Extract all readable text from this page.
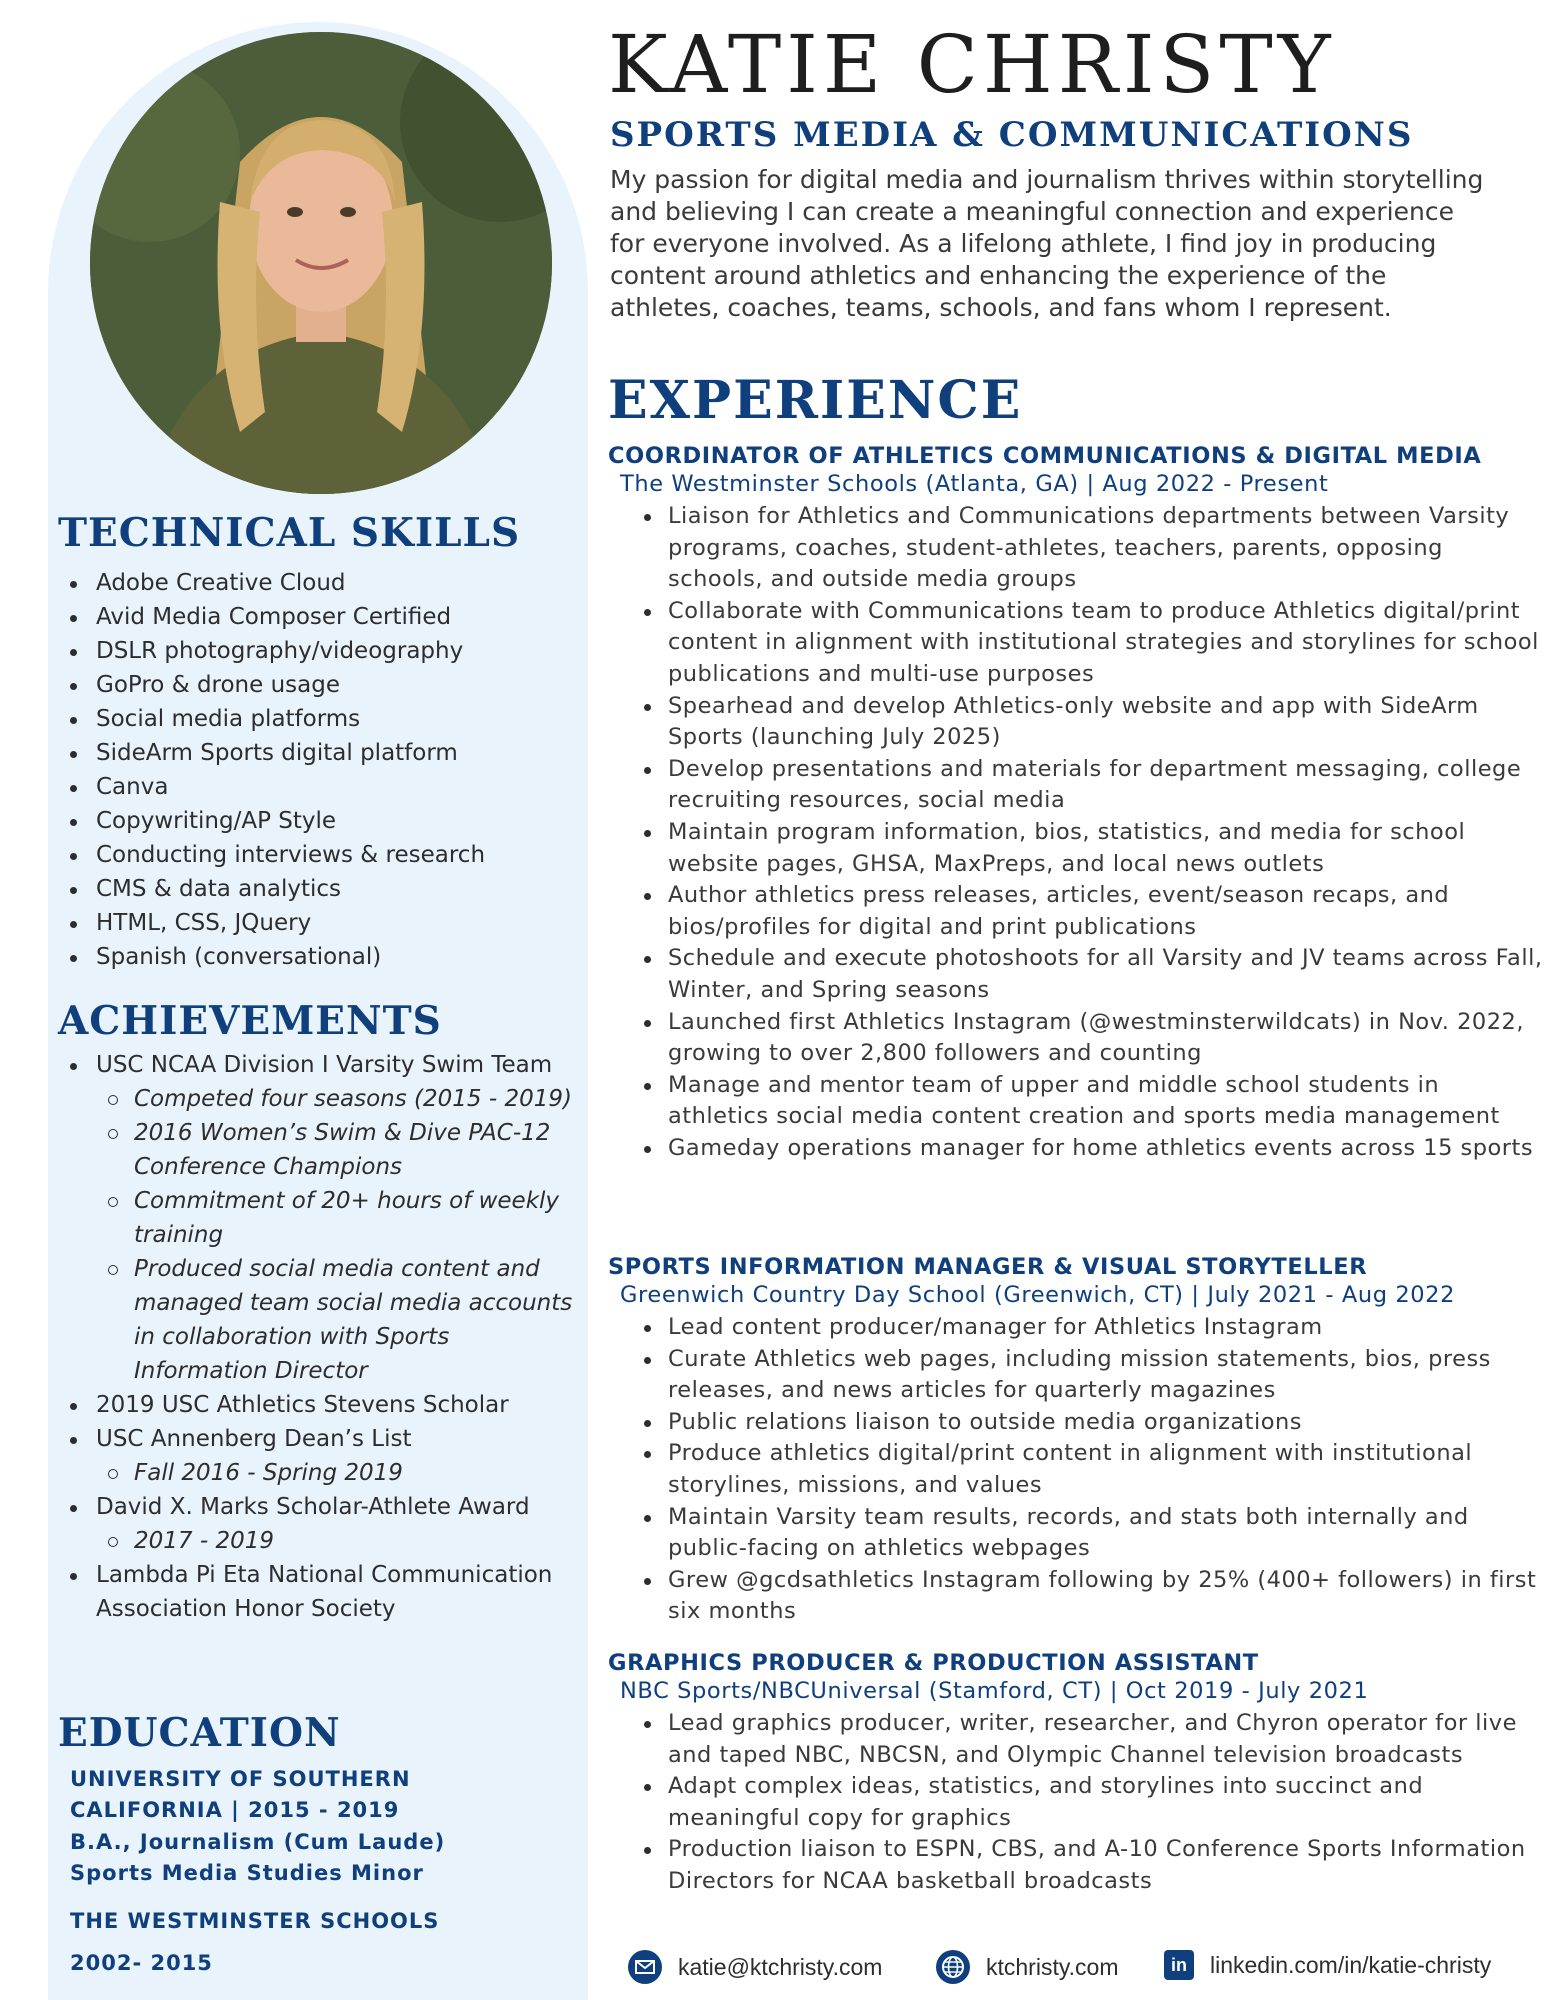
TECHNICAL SKILLS
Adobe Creative Cloud
Avid Media Composer Certified
DSLR photography/videography
GoPro & drone usage
Social media platforms
SideArm Sports digital platform
Canva
Copywriting/AP Style
Conducting interviews & research
CMS & data analytics
HTML, CSS, JQuery
Spanish (conversational)
ACHIEVEMENTS
USC NCAA Division I Varsity Swim Team
Competed four seasons (2015 - 2019)
2016 Women’s Swim & Dive PAC-12 Conference Champions
Commitment of 20+ hours of weekly training
Produced social media content and managed team social media accounts in collaboration with Sports Information Director
2019 USC Athletics Stevens Scholar
USC Annenberg Dean’s List
Fall 2016 - Spring 2019
David X. Marks Scholar-Athlete Award
2017 - 2019
Lambda Pi Eta National Communication Association Honor Society
EDUCATION
UNIVERSITY OF SOUTHERN
CALIFORNIA | 2015 - 2019
B.A., Journalism (Cum Laude)
Sports Media Studies Minor
THE WESTMINSTER SCHOOLS
2002- 2015
KATIE CHRISTY
SPORTS MEDIA & COMMUNICATIONS
My passion for digital media and journalism thrives within storytelling and believing I can create a meaningful connection and experience for everyone involved. As a lifelong athlete, I find joy in producing content around athletics and enhancing the experience of the athletes, coaches, teams, schools, and fans whom I represent.
EXPERIENCE
COORDINATOR OF ATHLETICS COMMUNICATIONS & DIGITAL MEDIA
The Westminster Schools (Atlanta, GA) | Aug 2022 - Present
Liaison for Athletics and Communications departments between Varsity programs, coaches, student-athletes, teachers, parents, opposing schools, and outside media groups
Collaborate with Communications team to produce Athletics digital/print content in alignment with institutional strategies and storylines for school publications and multi-use purposes
Spearhead and develop Athletics-only website and app with SideArm Sports (launching July 2025)
Develop presentations and materials for department messaging, college recruiting resources, social media
Maintain program information, bios, statistics, and media for school website pages, GHSA, MaxPreps, and local news outlets
Author athletics press releases, articles, event/season recaps, and bios/profiles for digital and print publications
Schedule and execute photoshoots for all Varsity and JV teams across Fall, Winter, and Spring seasons
Launched first Athletics Instagram (@westminsterwildcats) in Nov. 2022, growing to over 2,800 followers and counting
Manage and mentor team of upper and middle school students in athletics social media content creation and sports media management
Gameday operations manager for home athletics events across 15 sports
SPORTS INFORMATION MANAGER & VISUAL STORYTELLER
Greenwich Country Day School (Greenwich, CT) | July 2021 - Aug 2022
Lead content producer/manager for Athletics Instagram
Curate Athletics web pages, including mission statements, bios, press releases, and news articles for quarterly magazines
Public relations liaison to outside media organizations
Produce athletics digital/print content in alignment with institutional storylines, missions, and values
Maintain Varsity team results, records, and stats both internally and public-facing on athletics webpages
Grew @gcdsathletics Instagram following by 25% (400+ followers) in first six months
GRAPHICS PRODUCER & PRODUCTION ASSISTANT
NBC Sports/NBCUniversal (Stamford, CT) | Oct 2019 - July 2021
Lead graphics producer, writer, researcher, and Chyron operator for live and taped NBC, NBCSN, and Olympic Channel television broadcasts
Adapt complex ideas, statistics, and storylines into succinct and meaningful copy for graphics
Production liaison to ESPN, CBS, and A-10 Conference Sports Information Directors for NCAA basketball broadcasts
katie@ktchristy.com	ktchristy.com	in	linkedin.com/in/katie-christy
